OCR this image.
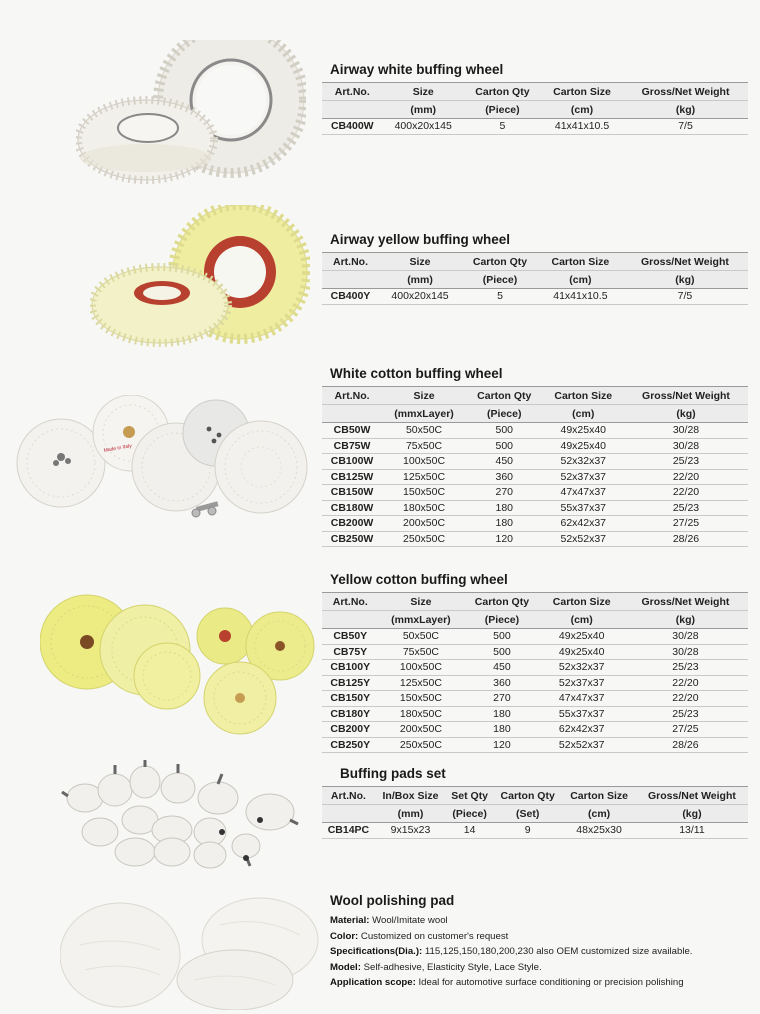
Airway white buffing wheel
Art.No.	Size	Carton Qty	Carton Size	Gross/Net Weight
	(mm)	(Piece)	(cm)	(kg)
CB400W	400x20x145	5	41x41x10.5	7/5
Airway yellow buffing wheel
Art.No.	Size	Carton Qty	Carton Size	Gross/Net Weight
	(mm)	(Piece)	(cm)	(kg)
CB400Y	400x20x145	5	41x41x10.5	7/5
Made in Italy
White cotton buffing wheel
Art.No.	Size	Carton Qty	Carton Size	Gross/Net Weight
	(mmxLayer)	(Piece)	(cm)	(kg)
CB50W	50x50C	500	49x25x40	30/28
CB75W	75x50C	500	49x25x40	30/28
CB100W	100x50C	450	52x32x37	25/23
CB125W	125x50C	360	52x37x37	22/20
CB150W	150x50C	270	47x47x37	22/20
CB180W	180x50C	180	55x37x37	25/23
CB200W	200x50C	180	62x42x37	27/25
CB250W	250x50C	120	52x52x37	28/26
Yellow cotton buffing wheel
Art.No.	Size	Carton Qty	Carton Size	Gross/Net Weight
	(mmxLayer)	(Piece)	(cm)	(kg)
CB50Y	50x50C	500	49x25x40	30/28
CB75Y	75x50C	500	49x25x40	30/28
CB100Y	100x50C	450	52x32x37	25/23
CB125Y	125x50C	360	52x37x37	22/20
CB150Y	150x50C	270	47x47x37	22/20
CB180Y	180x50C	180	55x37x37	25/23
CB200Y	200x50C	180	62x42x37	27/25
CB250Y	250x50C	120	52x52x37	28/26
Buffing pads set
Art.No.	In/Box Size	Set Qty	Carton Qty	Carton Size	Gross/Net Weight
	(mm)	(Piece)	(Set)	(cm)	(kg)
CB14PC	9x15x23	14	9	48x25x30	13/11
Wool polishing pad
Material: Wool/Imitate wool
Color: Customized on customer's request
Specifications(Dia.): 115,125,150,180,200,230 also OEM customized size available.
Model: Self-adhesive, Elasticity Style, Lace Style.
Application scope: Ideal for automotive surface conditioning or precision polishing
